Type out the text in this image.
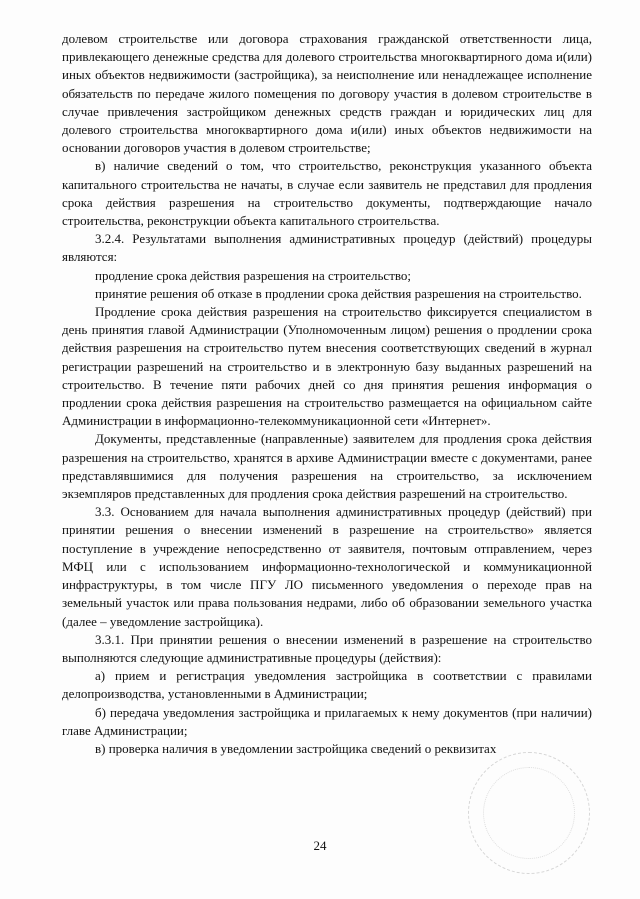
долевом строительстве или договора страхования гражданской ответственности лица, привлекающего денежные средства для долевого строительства многоквартирного дома и(или) иных объектов недвижимости (застройщика), за неисполнение или ненадлежащее исполнение обязательств по передаче жилого помещения по договору участия в долевом строительстве в случае привлечения застройщиком денежных средств граждан и юридических лиц для долевого строительства многоквартирного дома и(или) иных объектов недвижимости на основании договоров участия в долевом строительстве;

в) наличие сведений о том, что строительство, реконструкция указанного объекта капитального строительства не начаты, в случае если заявитель не представил для продления срока действия разрешения на строительство документы, подтверждающие начало строительства, реконструкции объекта капитального строительства.

3.2.4. Результатами выполнения административных процедур (действий) процедуры являются:

продление срока действия разрешения на строительство;

принятие решения об отказе в продлении срока действия разрешения на строительство.

Продление срока действия разрешения на строительство фиксируется специалистом в день принятия главой Администрации (Уполномоченным лицом) решения о продлении срока действия разрешения на строительство путем внесения соответствующих сведений в журнал регистрации разрешений на строительство и в электронную базу выданных разрешений на строительство. В течение пяти рабочих дней со дня принятия решения информация о продлении срока действия разрешения на строительство размещается на официальном сайте Администрации в информационно-телекоммуникационной сети «Интернет».

Документы, представленные (направленные) заявителем для продления срока действия разрешения на строительство, хранятся в архиве Администрации вместе с документами, ранее представлявшимися для получения разрешения на строительство, за исключением экземпляров представленных для продления срока действия разрешений на строительство.

3.3. Основанием для начала выполнения административных процедур (действий) при принятии решения о внесении изменений в разрешение на строительство» является поступление в учреждение непосредственно от заявителя, почтовым отправлением, через МФЦ или с использованием информационно-технологической и коммуникационной инфраструктуры, в том числе ПГУ ЛО письменного уведомления о переходе прав на земельный участок или права пользования недрами, либо об образовании земельного участка (далее – уведомление застройщика).

3.3.1. При принятии решения о внесении изменений в разрешение на строительство выполняются следующие административные процедуры (действия):

а) прием и регистрация уведомления застройщика в соответствии с правилами делопроизводства, установленными в Администрации;

б) передача уведомления застройщика и прилагаемых к нему документов (при наличии) главе Администрации;

в) проверка наличия в уведомлении застройщика сведений о реквизитах

24
